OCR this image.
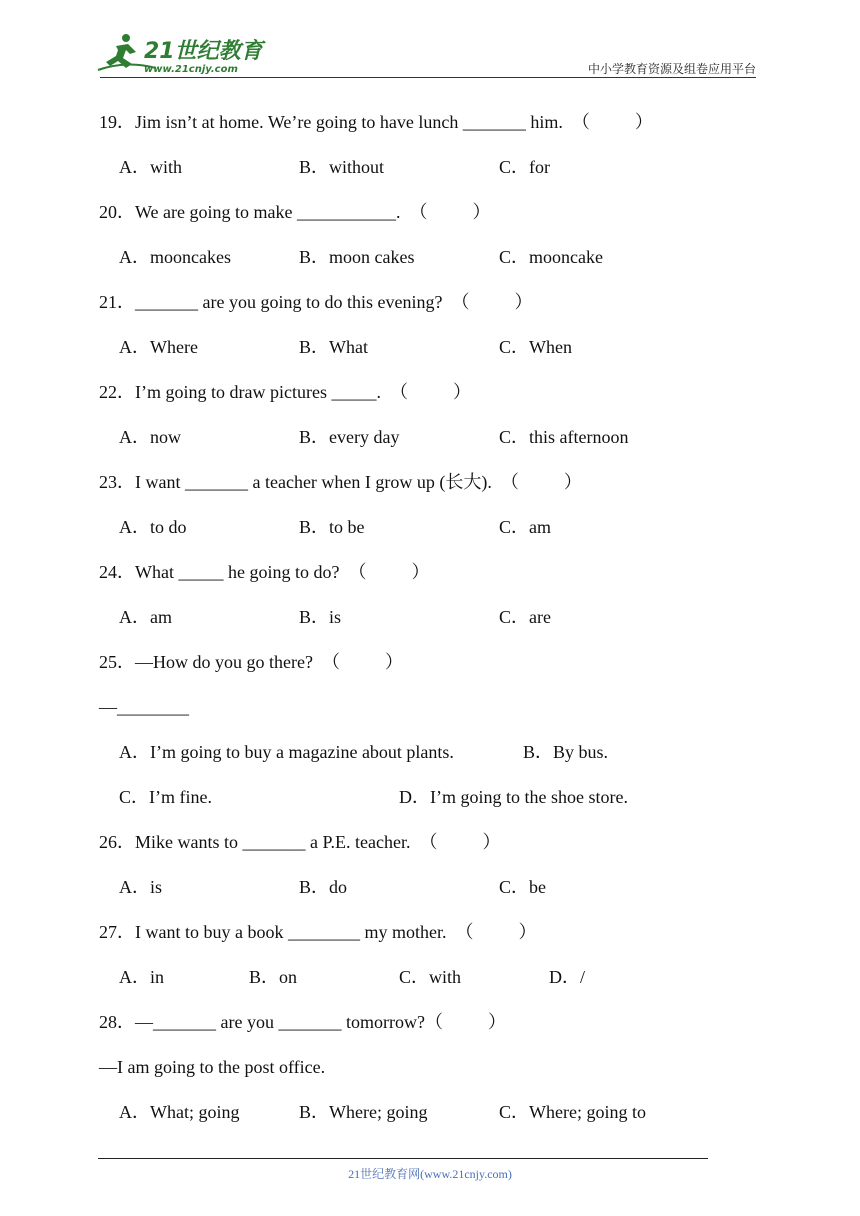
21世纪教育
www.21cnjy.com	中小学教育资源及组卷应用平台
19．Jim isn’t at home. We’re going to have lunch _______ him.  （          ）
A．with	B．without	C．for
20．We are going to make ___________.  （          ）
A．mooncakes	B．moon cakes	C．mooncake
21．_______ are you going to do this evening?  （          ）
A．Where	B．What	C．When
22．I’m going to draw pictures _____.  （          ）
A．now	B．every day	C．this afternoon
23．I want _______ a teacher when I grow up (长大).  （          ）
A．to do	B．to be	C．am
24．What _____ he going to do?  （          ）
A．am	B．is	C．are
25．—How do you go there?  （          ）
—________
A．I’m going to buy a magazine about plants.	B．By bus.
C．I’m fine.	D．I’m going to the shoe store.
26．Mike wants to _______ a P.E. teacher.  （          ）
A．is	B．do	C．be
27．I want to buy a book ________ my mother.  （          ）
A．in	B．on	C．with	D．/
28．—_______ are you _______ tomorrow?（          ）
—I am going to the post office.
A．What; going	B．Where; going	C．Where; going to
21世纪教育网(www.21cnjy.com)
